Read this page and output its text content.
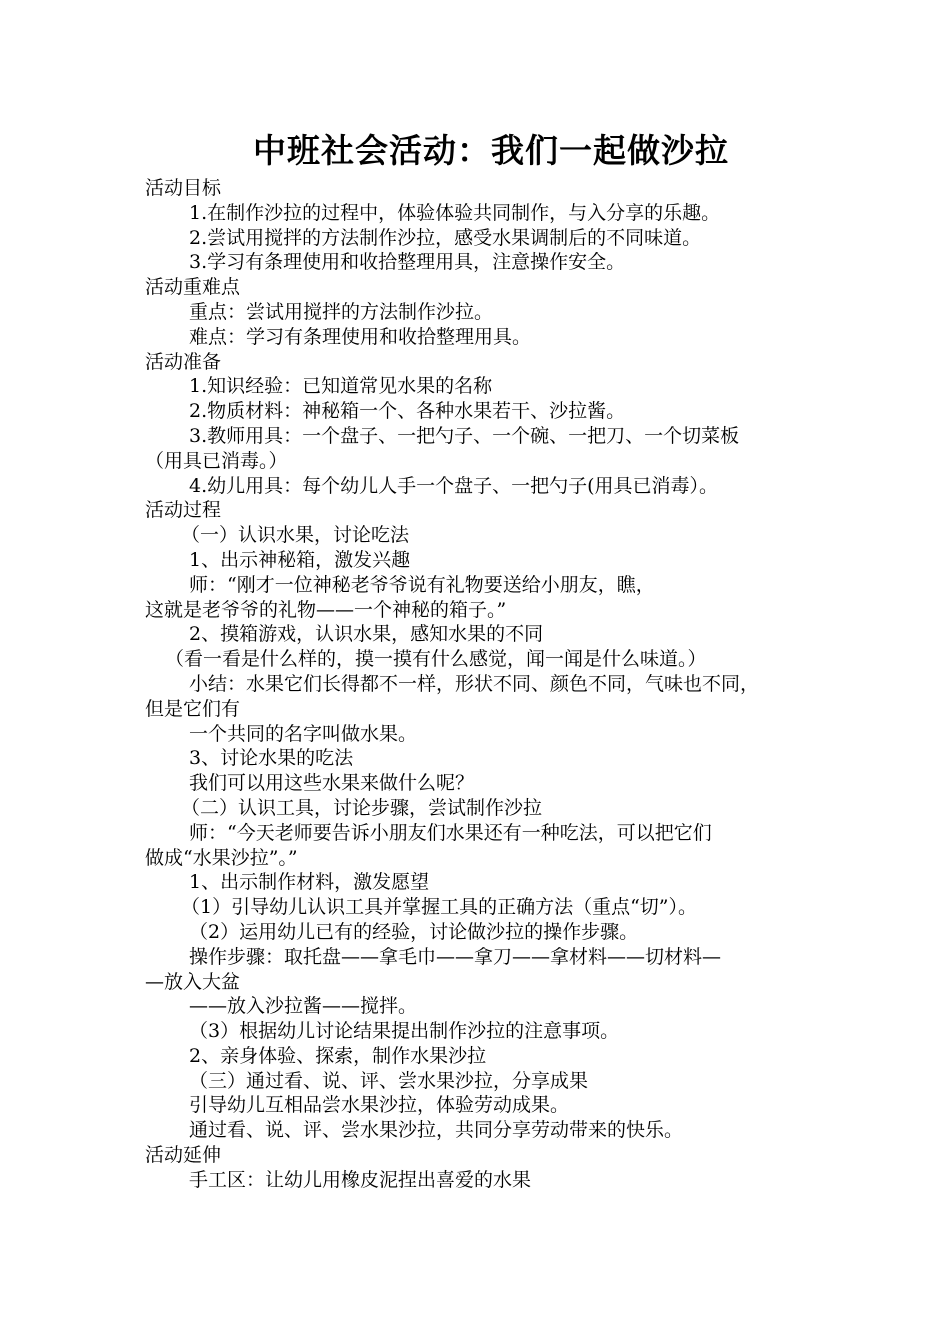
中班社会活动：我们一起做沙拉

活动目标

1.在制作沙拉的过程中，体验体验共同制作，与入分享的乐趣。

2.尝试用搅拌的方法制作沙拉，感受水果调制后的不同味道。

3.学习有条理使用和收拾整理用具，注意操作安全。

活动重难点

重点：尝试用搅拌的方法制作沙拉。

难点：学习有条理使用和收拾整理用具。

活动准备

1.知识经验：已知道常见水果的名称

2.物质材料：神秘箱一个、各种水果若干、沙拉酱。

3.教师用具：一个盘子、一把勺子、一个碗、一把刀、一个切菜板

（用具已消毒。）

4.幼儿用具：每个幼儿人手一个盘子、一把勺子(用具已消毒）。

活动过程

（一）认识水果，讨论吃法

1、出示神秘箱，激发兴趣

师：“刚才一位神秘老爷爷说有礼物要送给小朋友，瞧，

这就是老爷爷的礼物——一个神秘的箱子。”

2、摸箱游戏，认识水果，感知水果的不同

（看一看是什么样的，摸一摸有什么感觉，闻一闻是什么味道。）

小结：水果它们长得都不一样，形状不同、颜色不同，气味也不同，

但是它们有

一个共同的名字叫做水果。

3、讨论水果的吃法

我们可以用这些水果来做什么呢？

（二）认识工具，讨论步骤，尝试制作沙拉

师：“今天老师要告诉小朋友们水果还有一种吃法，可以把它们

做成“水果沙拉”。”

1、出示制作材料，激发愿望

（1）引导幼儿认识工具并掌握工具的正确方法（重点“切”）。

（2）运用幼儿已有的经验，讨论做沙拉的操作步骤。

操作步骤：取托盘——拿毛巾——拿刀——拿材料——切材料—

—放入大盆

——放入沙拉酱——搅拌。

（3）根据幼儿讨论结果提出制作沙拉的注意事项。

2、亲身体验、探索，制作水果沙拉

（三）通过看、说、评、尝水果沙拉，分享成果

引导幼儿互相品尝水果沙拉，体验劳动成果。

通过看、说、评、尝水果沙拉，共同分享劳动带来的快乐。

活动延伸

手工区：让幼儿用橡皮泥捏出喜爱的水果
